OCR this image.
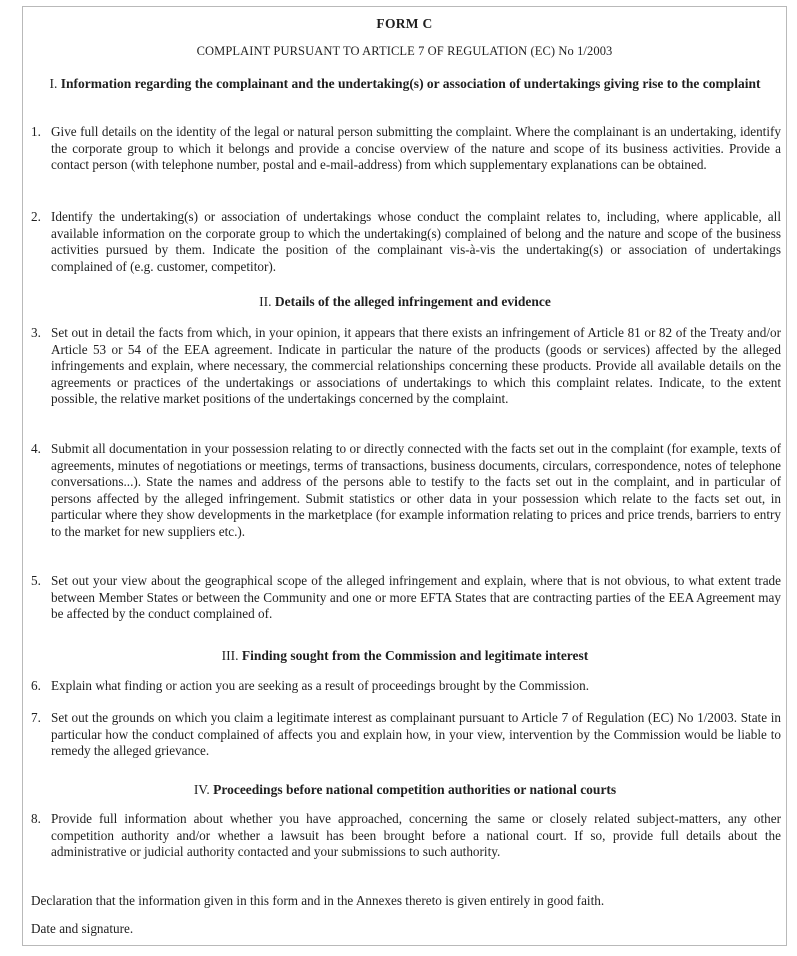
FORM C
COMPLAINT PURSUANT TO ARTICLE 7 OF REGULATION (EC) No 1/2003
I. Information regarding the complainant and the undertaking(s) or association of undertakings giving rise to the complaint
1. Give full details on the identity of the legal or natural person submitting the complaint. Where the complainant is an undertaking, identify the corporate group to which it belongs and provide a concise overview of the nature and scope of its business activities. Provide a contact person (with telephone number, postal and e-mail-address) from which supplementary explanations can be obtained.
2. Identify the undertaking(s) or association of undertakings whose conduct the complaint relates to, including, where applicable, all available information on the corporate group to which the undertaking(s) complained of belong and the nature and scope of the business activities pursued by them. Indicate the position of the complainant vis-à-vis the undertaking(s) or association of undertakings complained of (e.g. customer, competitor).
II. Details of the alleged infringement and evidence
3. Set out in detail the facts from which, in your opinion, it appears that there exists an infringement of Article 81 or 82 of the Treaty and/or Article 53 or 54 of the EEA agreement. Indicate in particular the nature of the products (goods or services) affected by the alleged infringements and explain, where necessary, the commercial relationships concerning these products. Provide all available details on the agreements or practices of the undertakings or associations of undertakings to which this complaint relates. Indicate, to the extent possible, the relative market positions of the undertakings concerned by the complaint.
4. Submit all documentation in your possession relating to or directly connected with the facts set out in the complaint (for example, texts of agreements, minutes of negotiations or meetings, terms of transactions, business documents, circulars, correspondence, notes of telephone conversations...). State the names and address of the persons able to testify to the facts set out in the complaint, and in particular of persons affected by the alleged infringement. Submit statistics or other data in your possession which relate to the facts set out, in particular where they show developments in the marketplace (for example information relating to prices and price trends, barriers to entry to the market for new suppliers etc.).
5. Set out your view about the geographical scope of the alleged infringement and explain, where that is not obvious, to what extent trade between Member States or between the Community and one or more EFTA States that are contracting parties of the EEA Agreement may be affected by the conduct complained of.
III. Finding sought from the Commission and legitimate interest
6. Explain what finding or action you are seeking as a result of proceedings brought by the Commission.
7. Set out the grounds on which you claim a legitimate interest as complainant pursuant to Article 7 of Regulation (EC) No 1/2003. State in particular how the conduct complained of affects you and explain how, in your view, intervention by the Commission would be liable to remedy the alleged grievance.
IV. Proceedings before national competition authorities or national courts
8. Provide full information about whether you have approached, concerning the same or closely related subject-matters, any other competition authority and/or whether a lawsuit has been brought before a national court. If so, provide full details about the administrative or judicial authority contacted and your submissions to such authority.
Declaration that the information given in this form and in the Annexes thereto is given entirely in good faith.
Date and signature.
